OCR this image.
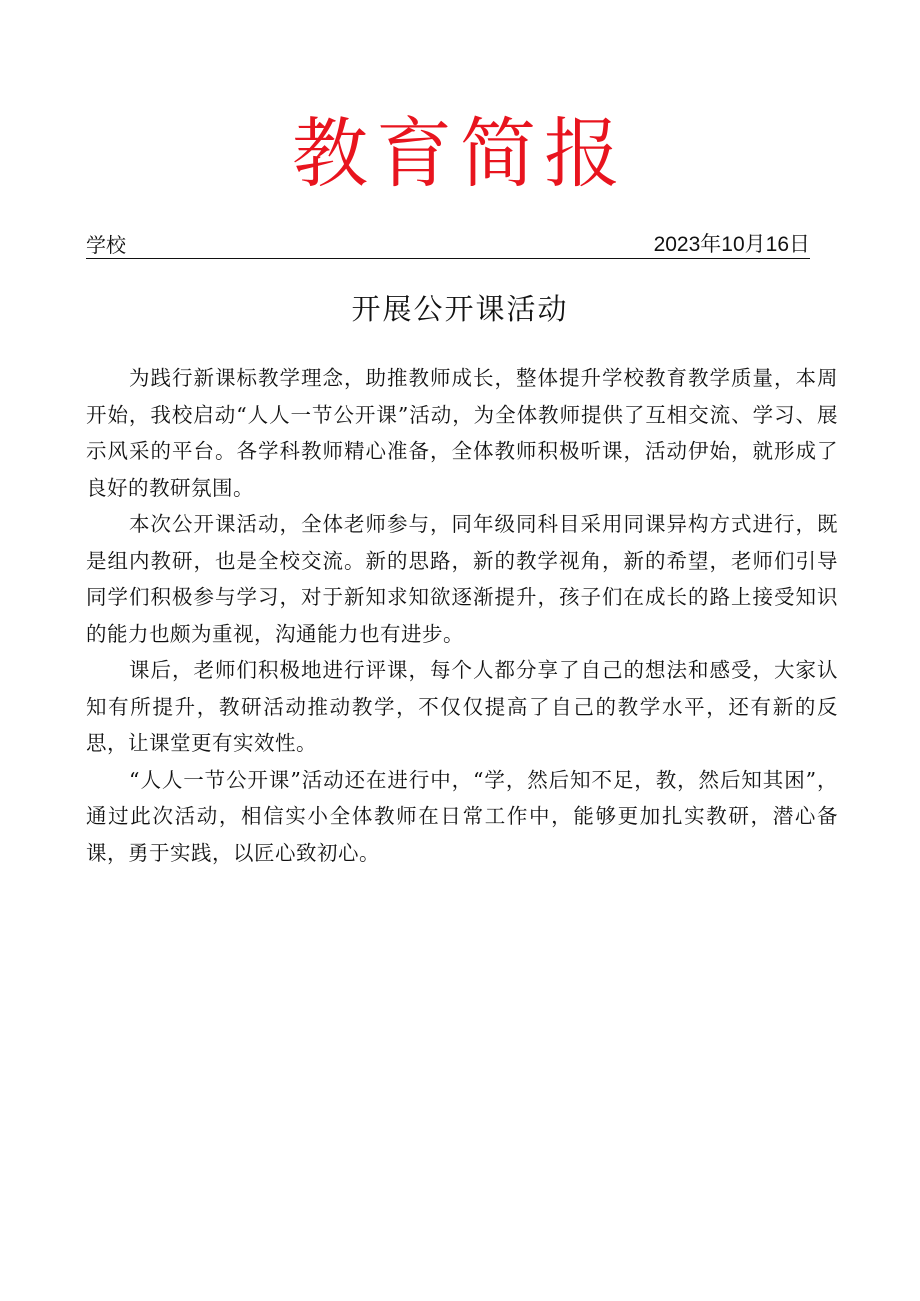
教育简报
学校	2023年10月16日
开展公开课活动

为践行新课标教学理念，助推教师成长，整体提升学校教育教学质量，本周开始，我校启动“人人一节公开课”活动，为全体教师提供了互相交流、学习、展示风采的平台。各学科教师精心准备，全体教师积极听课，活动伊始，就形成了良好的教研氛围。

本次公开课活动，全体老师参与，同年级同科目采用同课异构方式进行，既是组内教研，也是全校交流。新的思路，新的教学视角，新的希望，老师们引导同学们积极参与学习，对于新知求知欲逐渐提升，孩子们在成长的路上接受知识的能力也颇为重视，沟通能力也有进步。

课后，老师们积极地进行评课，每个人都分享了自己的想法和感受，大家认知有所提升，教研活动推动教学，不仅仅提高了自己的教学水平，还有新的反思，让课堂更有实效性。

“人人一节公开课”活动还在进行中，“学，然后知不足，教，然后知其困”，通过此次活动，相信实小全体教师在日常工作中，能够更加扎实教研，潜心备课，勇于实践，以匠心致初心。
